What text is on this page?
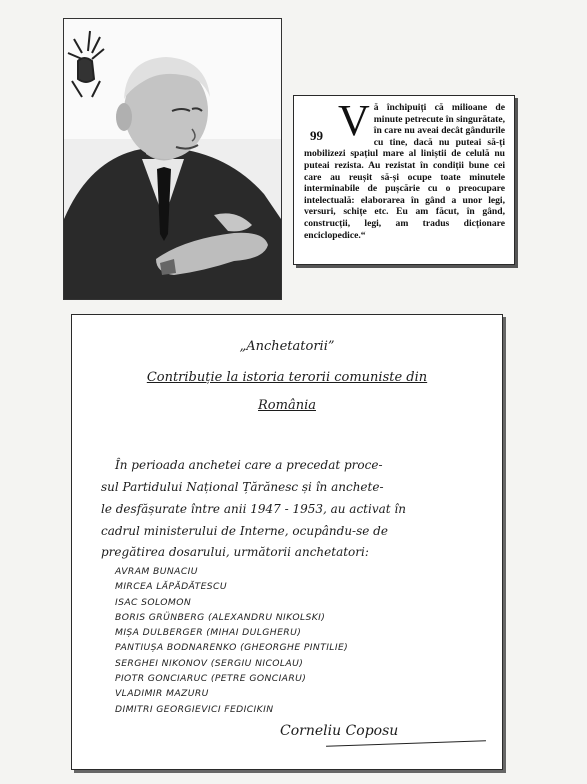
99 V ă închipuiți că milioane de minute petrecute în singurătate, în care nu aveai decât gândurile cu tine, dacă nu puteai să-ți mobilizezi spațiul mare al liniștii de celulă nu puteai rezista. Au rezistat în condiții bune cei care au reușit să-și ocupe toate minutele interminabile de pușcărie cu o preocupare intelectuală: elaborarea în gând a unor legi, versuri, schițe etc. Eu am făcut, în gând, construcții, legi, am tradus dicționare enciclopedice.“
„Anchetatorii”
Contribuție la istoria terorii comuniste din
România
În perioada anchetei care a precedat proce-
sul Partidului Național Țărănesc și în anchete-
le desfășurate între anii 1947 - 1953, au activat în
cadrul ministerului de Interne, ocupându-se de
pregătirea dosarului, următorii anchetatori:
AVRAM BUNACIU
MIRCEA LĂPĂDĂTESCU
ISAC SOLOMON
BORIS GRÜNBERG (ALEXANDRU NIKOLSKI)
MIȘA DULBERGER (MIHAI DULGHERU)
PANTIUȘA BODNARENKO (GHEORGHE PINTILIE)
SERGHEI NIKONOV (SERGIU NICOLAU)
PIOTR GONCIARUC (PETRE GONCIARU)
VLADIMIR MAZURU
DIMITRI GEORGIEVICI FEDICIKIN
Corneliu Coposu
